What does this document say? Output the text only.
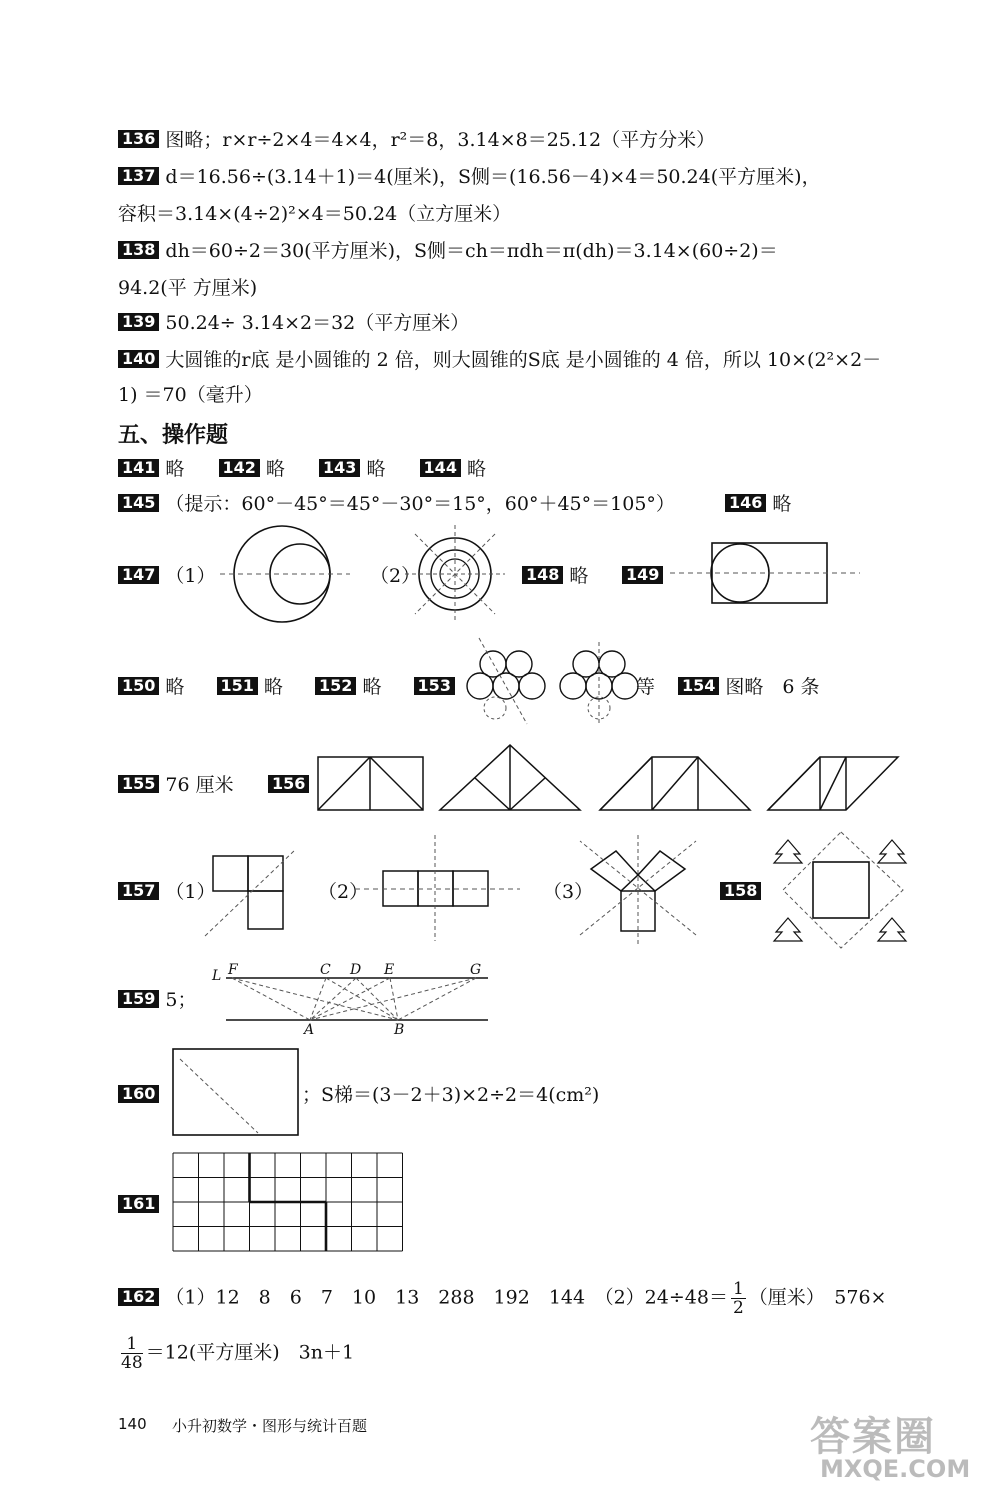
136 图略；r×r÷2×4＝4×4，r²＝8，3.14×8＝25.12（平方分米）
137 d＝16.56÷(3.14＋1)＝4(厘米)，S侧＝(16.56－4)×4＝50.24(平方厘米)，
容积＝3.14×(4÷2)²×4＝50.24（立方厘米）
138 dh＝60÷2＝30(平方厘米)，S侧＝ch＝πdh＝π(dh)＝3.14×(60÷2)＝
94.2(平 方厘米)
139 50.24÷ 3.14×2＝32（平方厘米）
140 大圆锥的r底 是小圆锥的 2 倍，则大圆锥的S底 是小圆锥的 4 倍，所以 10×(2²×2－
1) ＝70（毫升）
五、操作题
141 略 142 略 143 略 144 略
145 （提示：60°－45°＝45°－30°＝15°，60°＋45°＝105°）	146 略
147 （1）	（2）	148 略 149
150 略 151 略 152 略 153	等 154 图略　6 条
155 76 厘米 156
157 （1）	（2）	（3）	158
159 5；
L F	C D E	G
A	B
160	；S梯＝(3－2＋3)×2÷2＝4(cm²)
161
162 （1）12　8　6　7　10　13　288　192　144　$(2)24\div 48= \frac{1}{2}$ （厘米）　576×
$\frac{1}{48} =12$(平方厘米)　3n＋1
140 小升初数学・图形与统计百题	答案圈
MXQE.COM
